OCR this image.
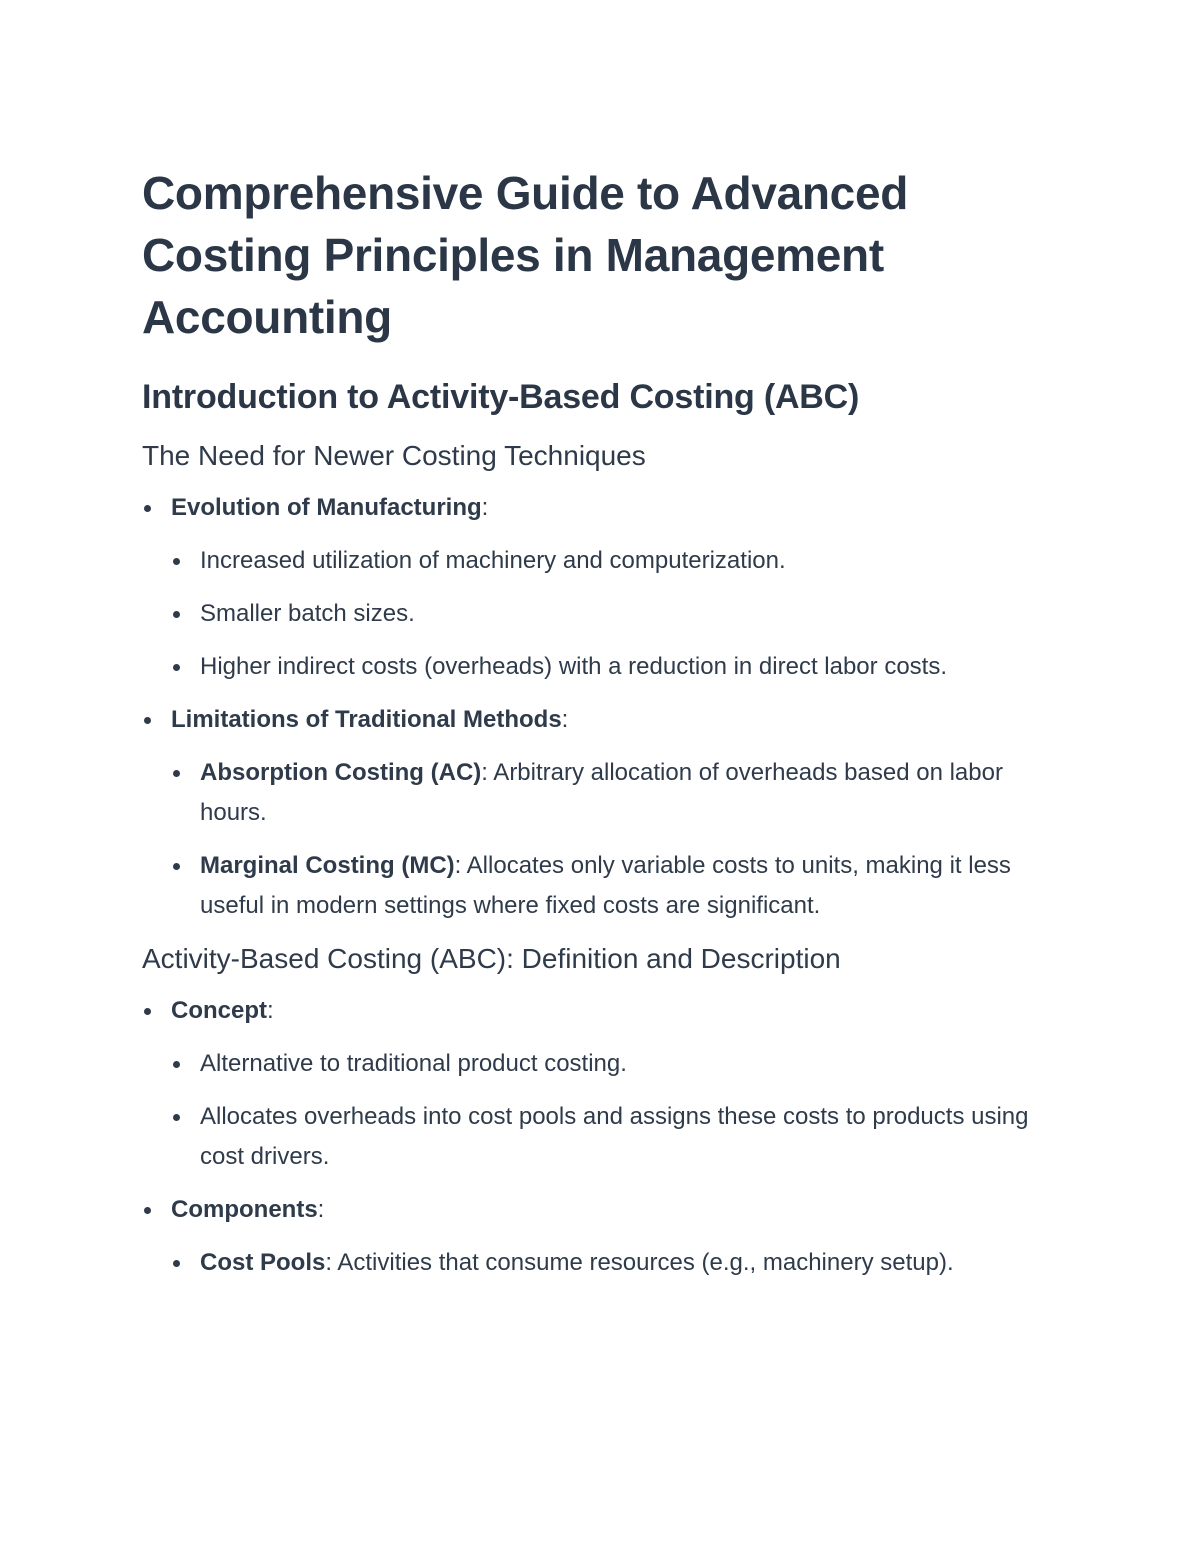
Comprehensive Guide to Advanced Costing Principles in Management Accounting
Introduction to Activity-Based Costing (ABC)
The Need for Newer Costing Techniques
Evolution of Manufacturing:
Increased utilization of machinery and computerization.
Smaller batch sizes.
Higher indirect costs (overheads) with a reduction in direct labor costs.
Limitations of Traditional Methods:
Absorption Costing (AC): Arbitrary allocation of overheads based on labor hours.
Marginal Costing (MC): Allocates only variable costs to units, making it less useful in modern settings where fixed costs are significant.
Activity-Based Costing (ABC): Definition and Description
Concept:
Alternative to traditional product costing.
Allocates overheads into cost pools and assigns these costs to products using cost drivers.
Components:
Cost Pools: Activities that consume resources (e.g., machinery setup).
